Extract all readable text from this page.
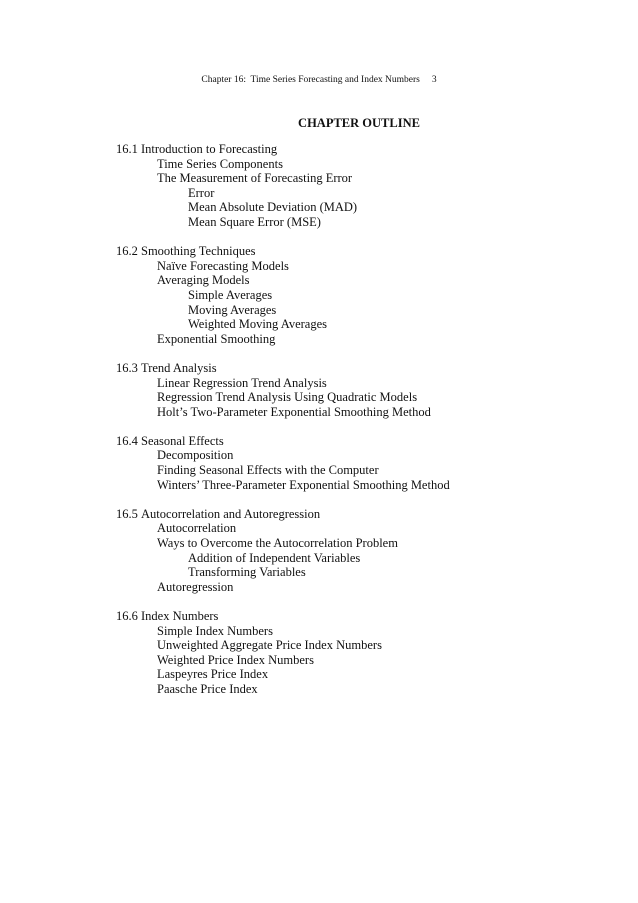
Chapter 16:  Time Series Forecasting and Index Numbers 3
CHAPTER OUTLINE
16.1 Introduction to Forecasting
Time Series Components
The Measurement of Forecasting Error
Error
Mean Absolute Deviation (MAD)
Mean Square Error (MSE)
16.2 Smoothing Techniques
Naïve Forecasting Models
Averaging Models
Simple Averages
Moving Averages
Weighted Moving Averages
Exponential Smoothing
16.3 Trend Analysis
Linear Regression Trend Analysis
Regression Trend Analysis Using Quadratic Models
Holt’s Two-Parameter Exponential Smoothing Method
16.4 Seasonal Effects
Decomposition
Finding Seasonal Effects with the Computer
Winters’ Three-Parameter Exponential Smoothing Method
16.5 Autocorrelation and Autoregression
Autocorrelation
Ways to Overcome the Autocorrelation Problem
Addition of Independent Variables
Transforming Variables
Autoregression
16.6 Index Numbers
Simple Index Numbers
Unweighted Aggregate Price Index Numbers
Weighted Price Index Numbers
Laspeyres Price Index
Paasche Price Index
